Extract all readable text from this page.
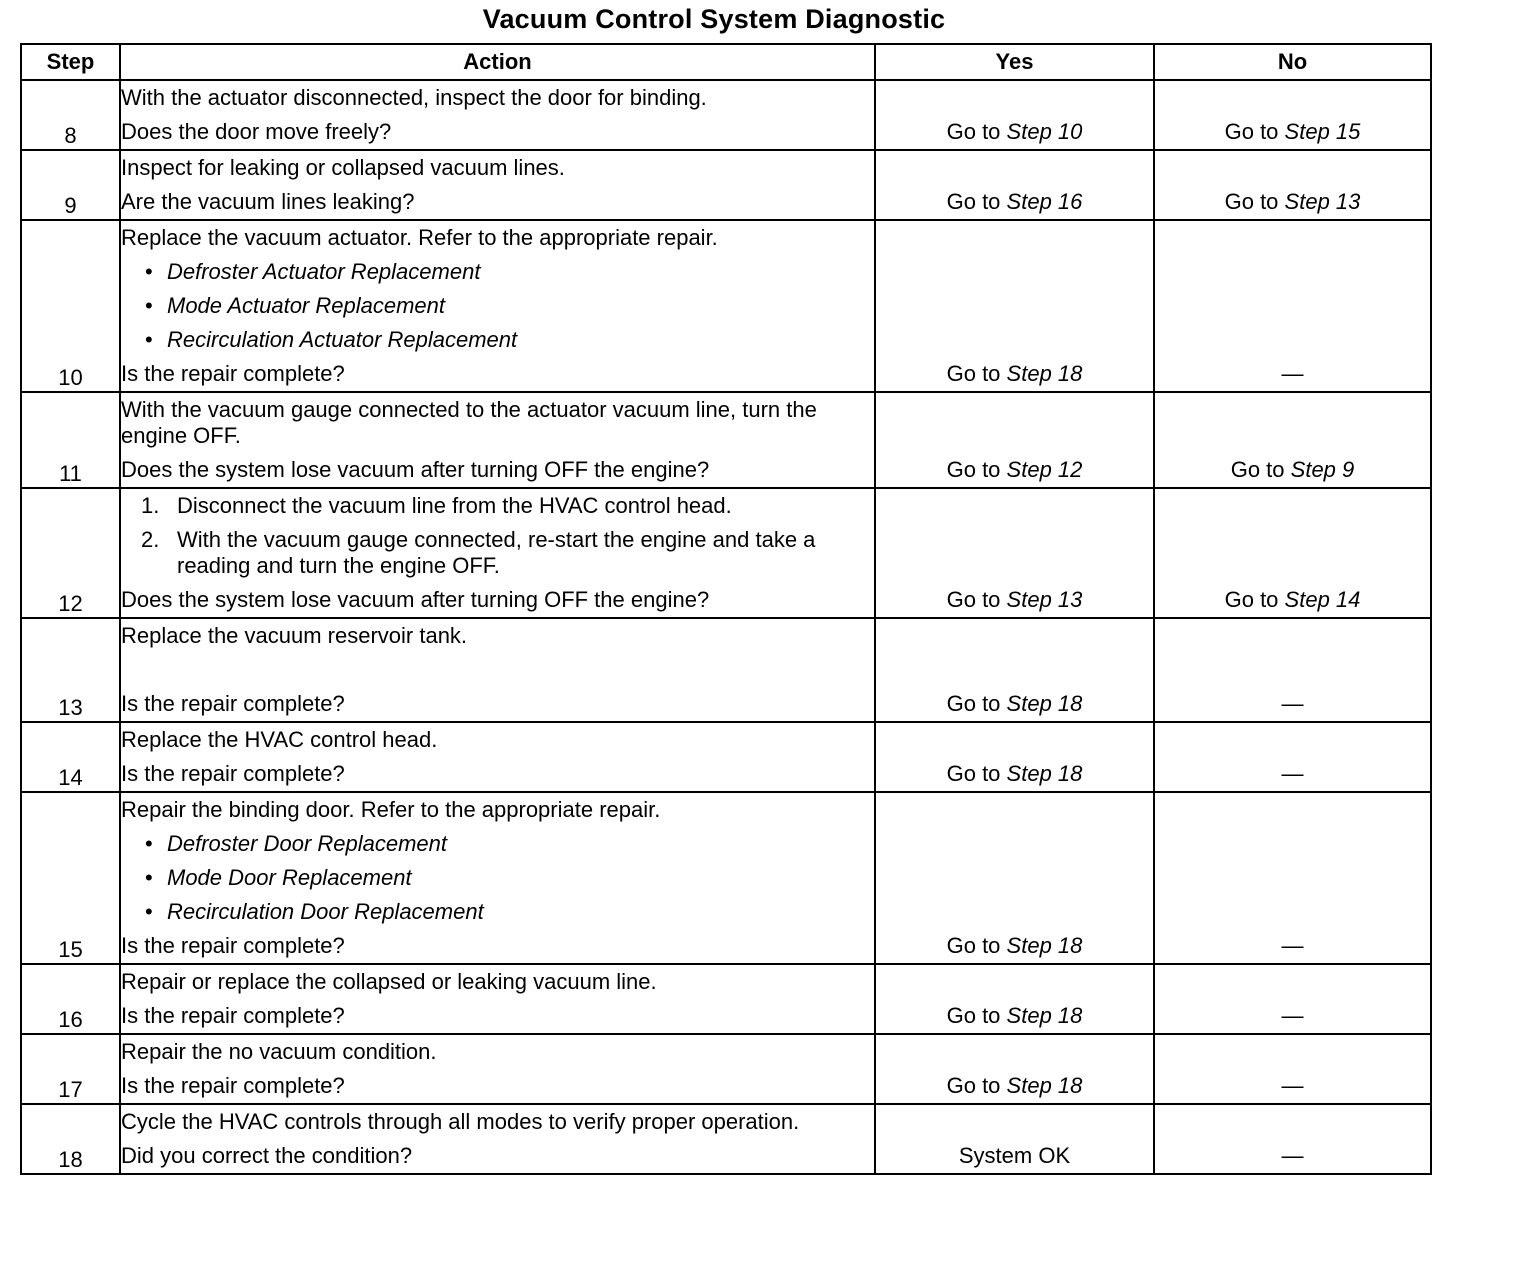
Vacuum Control System Diagnostic
Step	Action	Yes	No
8	With the actuator disconnected, inspect the door for binding.
Does the door move freely?	Go to Step 10	Go to Step 15
9	Inspect for leaking or collapsed vacuum lines.
Are the vacuum lines leaking?	Go to Step 16	Go to Step 13
10	Replace the vacuum actuator. Refer to the appropriate repair.
• Defroster Actuator Replacement
• Mode Actuator Replacement
• Recirculation Actuator Replacement
Is the repair complete?	Go to Step 18	—
11	With the vacuum gauge connected to the actuator vacuum line, turn the engine OFF.
Does the system lose vacuum after turning OFF the engine?	Go to Step 12	Go to Step 9
12	1. Disconnect the vacuum line from the HVAC control head.
2. With the vacuum gauge connected, re-start the engine and take a reading and turn the engine OFF.
Does the system lose vacuum after turning OFF the engine?	Go to Step 13	Go to Step 14
13	Replace the vacuum reservoir tank.
Is the repair complete?	Go to Step 18	—
14	Replace the HVAC control head.
Is the repair complete?	Go to Step 18	—
15	Repair the binding door. Refer to the appropriate repair.
• Defroster Door Replacement
• Mode Door Replacement
• Recirculation Door Replacement
Is the repair complete?	Go to Step 18	—
16	Repair or replace the collapsed or leaking vacuum line.
Is the repair complete?	Go to Step 18	—
17	Repair the no vacuum condition.
Is the repair complete?	Go to Step 18	—
18	Cycle the HVAC controls through all modes to verify proper operation.
Did you correct the condition?	System OK	—
